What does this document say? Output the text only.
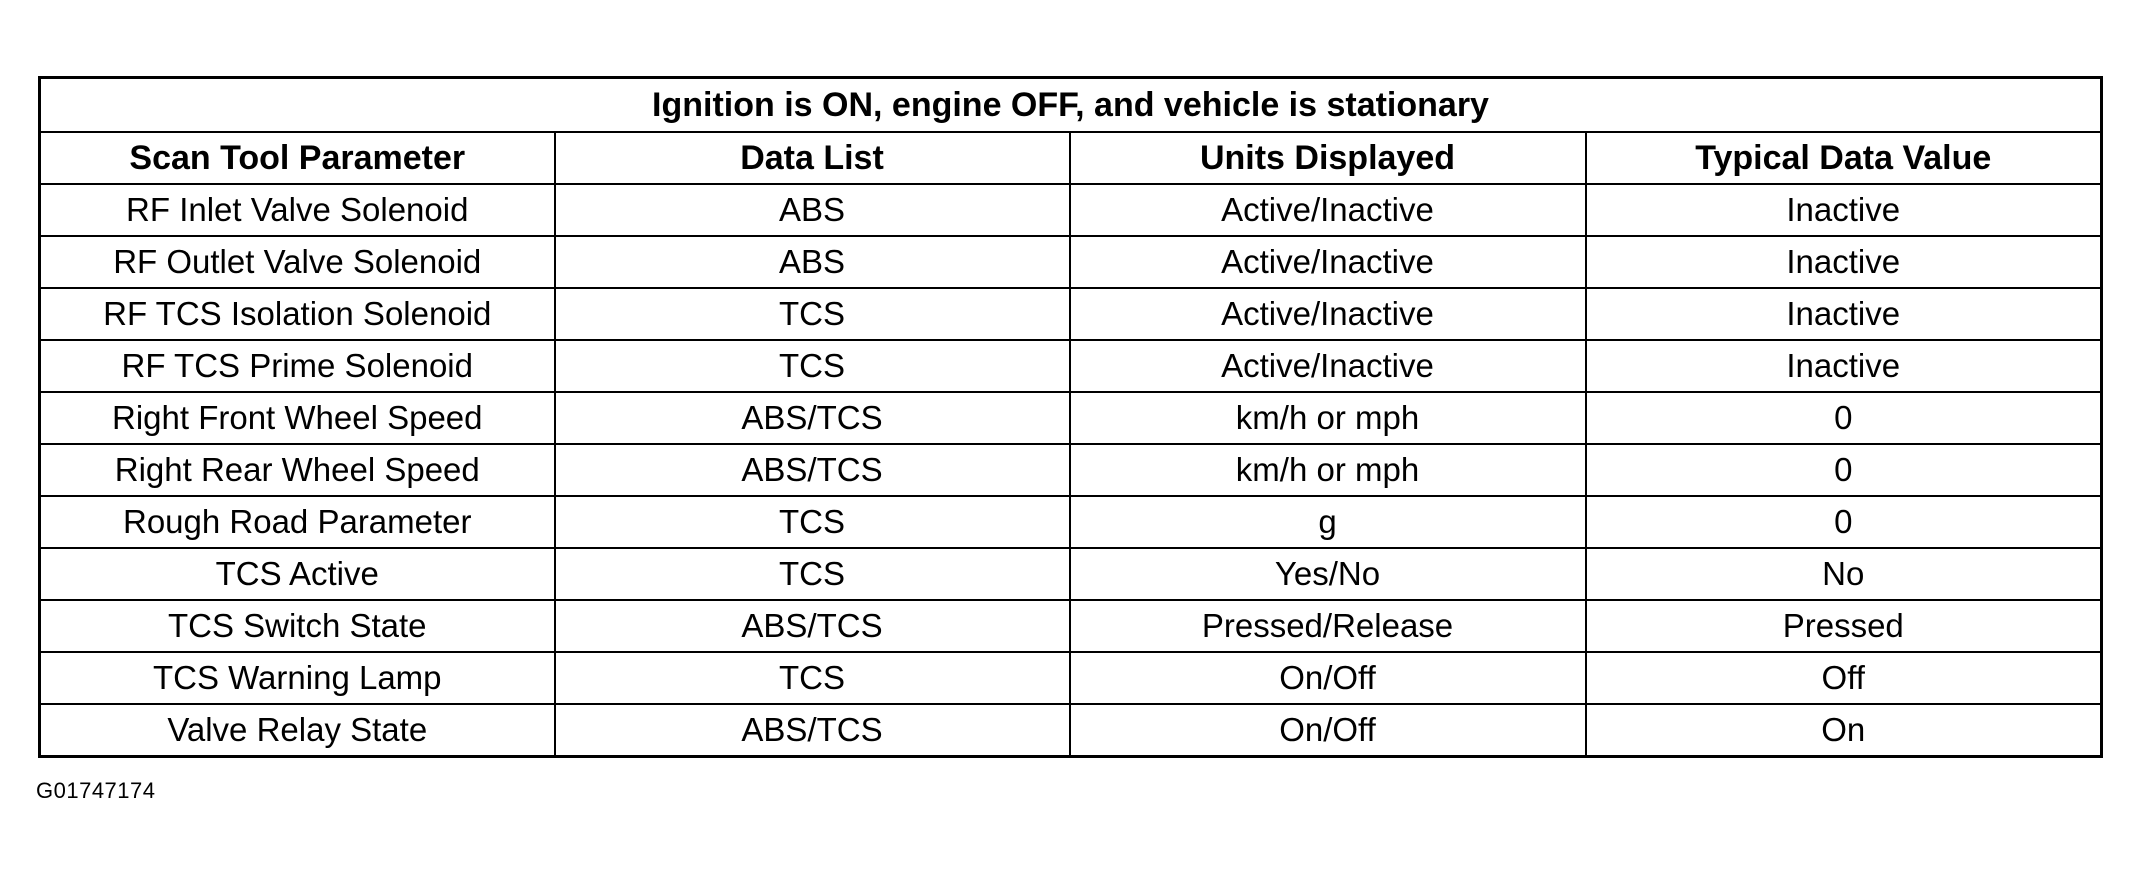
Ignition is ON, engine OFF, and vehicle is stationary			
Scan Tool Parameter	Data List	Units Displayed	Typical Data Value
RF Inlet Valve Solenoid	ABS	Active/Inactive	Inactive
RF Outlet Valve Solenoid	ABS	Active/Inactive	Inactive
RF TCS Isolation Solenoid	TCS	Active/Inactive	Inactive
RF TCS Prime Solenoid	TCS	Active/Inactive	Inactive
Right Front Wheel Speed	ABS/TCS	km/h or mph	0
Right Rear Wheel Speed	ABS/TCS	km/h or mph	0
Rough Road Parameter	TCS	g	0
TCS Active	TCS	Yes/No	No
TCS Switch State	ABS/TCS	Pressed/Release	Pressed
TCS Warning Lamp	TCS	On/Off	Off
Valve Relay State	ABS/TCS	On/Off	On
G01747174
